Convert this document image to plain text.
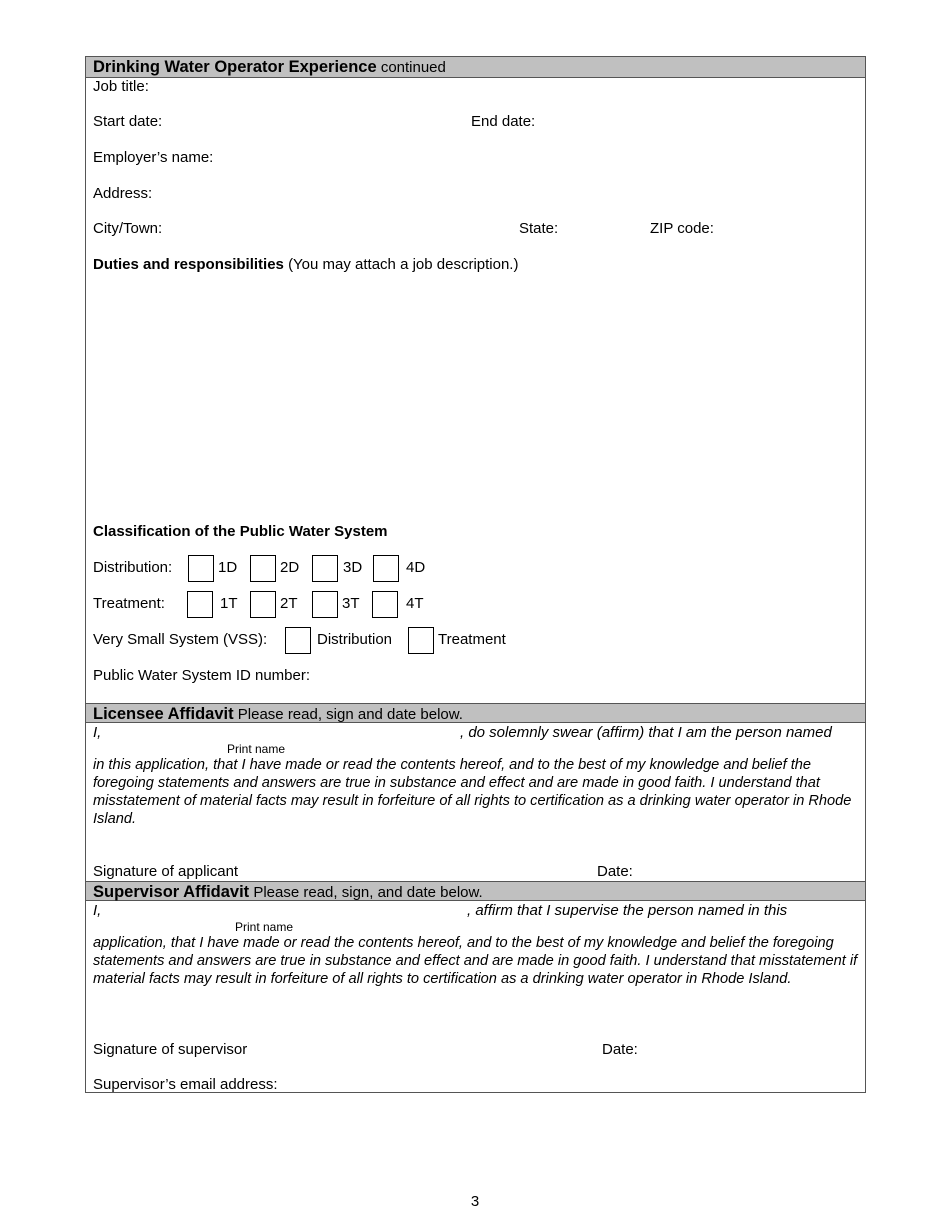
Drinking Water Operator Experience continued
Job title:
Start date:	End date:
Employer’s name:
Address:
City/Town:	State:	ZIP code:
Duties and responsibilities (You may attach a job description.)
Classification of the Public Water System
Distribution:	1D	2D	3D	4D
Treatment:	1T	2T	3T	4T
Very Small System (VSS):	Distribution	Treatment
Public Water System ID number:
Licensee Affidavit Please read, sign and date below.
I,	, do solemnly swear (affirm) that I am the person named
Print name
in this application, that I have made or read the contents hereof, and to the best of my knowledge and belief the foregoing statements and answers are true in substance and effect and are made in good faith. I understand that misstatement of material facts may result in forfeiture of all rights to certification as a drinking water operator in Rhode Island.
Signature of applicant	Date:
Supervisor Affidavit Please read, sign, and date below.
I,	, affirm that I supervise the person named in this
Print name
application, that I have made or read the contents hereof, and to the best of my knowledge and belief the foregoing statements and answers are true in substance and effect and are made in good faith. I understand that misstatement if material facts may result in forfeiture of all rights to certification as a drinking water operator in Rhode Island.
Signature of supervisor	Date:
Supervisor’s email address:
3
